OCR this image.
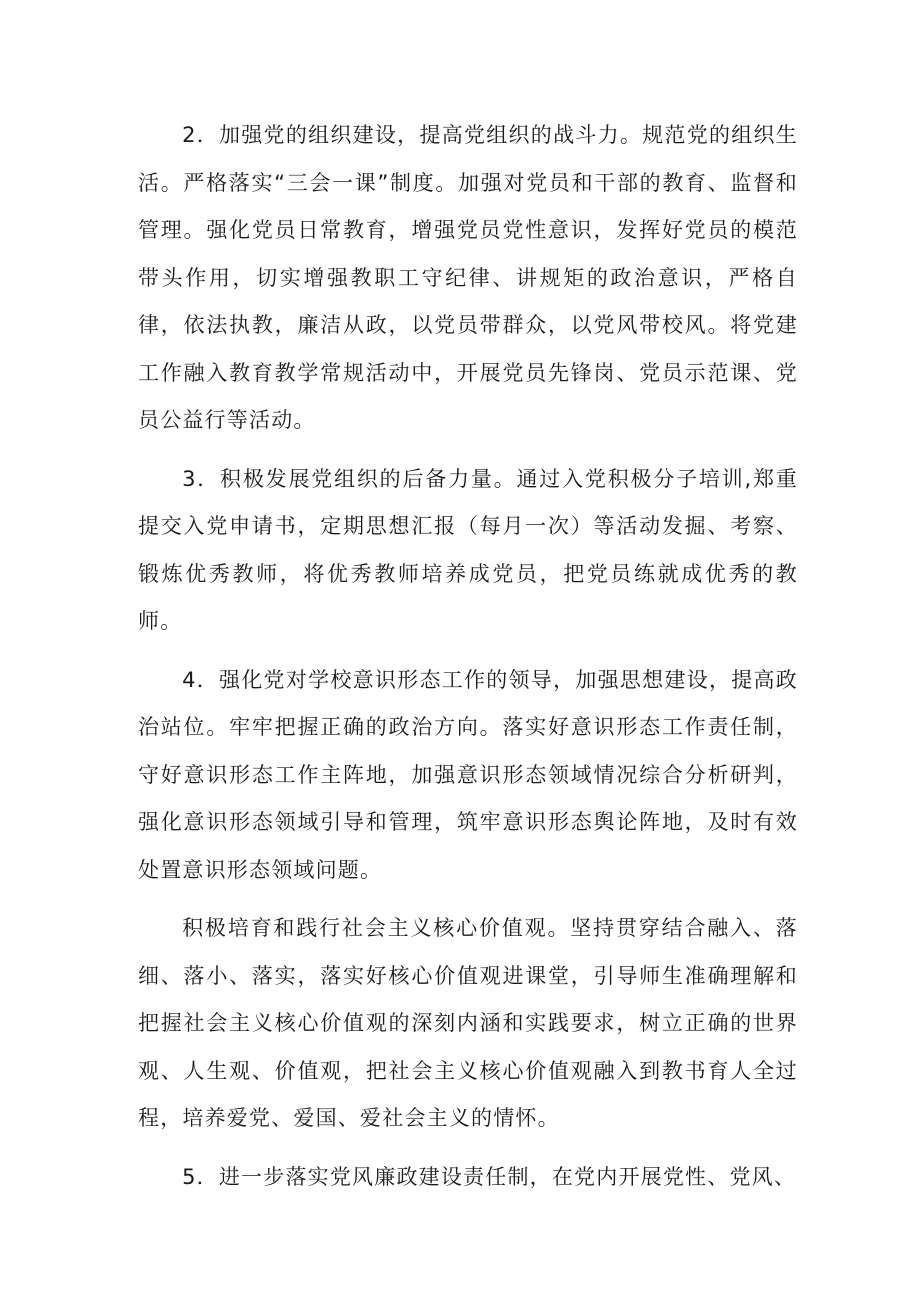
2．加强党的组织建设，提高党组织的战斗力。规范党的组织生活。严格落实“三会一课”制度。加强对党员和干部的教育、监督和管理。强化党员日常教育，增强党员党性意识，发挥好党员的模范带头作用，切实增强教职工守纪律、讲规矩的政治意识，严格自律，依法执教，廉洁从政，以党员带群众，以党风带校风。将党建工作融入教育教学常规活动中，开展党员先锋岗、党员示范课、党员公益行等活动。

3．积极发展党组织的后备力量。通过入党积极分子培训,郑重提交入党申请书，定期思想汇报（每月一次）等活动发掘、考察、锻炼优秀教师，将优秀教师培养成党员，把党员练就成优秀的教师。

4．强化党对学校意识形态工作的领导，加强思想建设，提高政治站位。牢牢把握正确的政治方向。落实好意识形态工作责任制，守好意识形态工作主阵地，加强意识形态领域情况综合分析研判，强化意识形态领域引导和管理，筑牢意识形态舆论阵地，及时有效处置意识形态领域问题。

积极培育和践行社会主义核心价值观。坚持贯穿结合融入、落细、落小、落实，落实好核心价值观进课堂，引导师生准确理解和把握社会主义核心价值观的深刻内涵和实践要求，树立正确的世界观、人生观、价值观，把社会主义核心价值观融入到教书育人全过程，培养爱党、爱国、爱社会主义的情怀。

5．进一步落实党风廉政建设责任制，在党内开展党性、党风、
